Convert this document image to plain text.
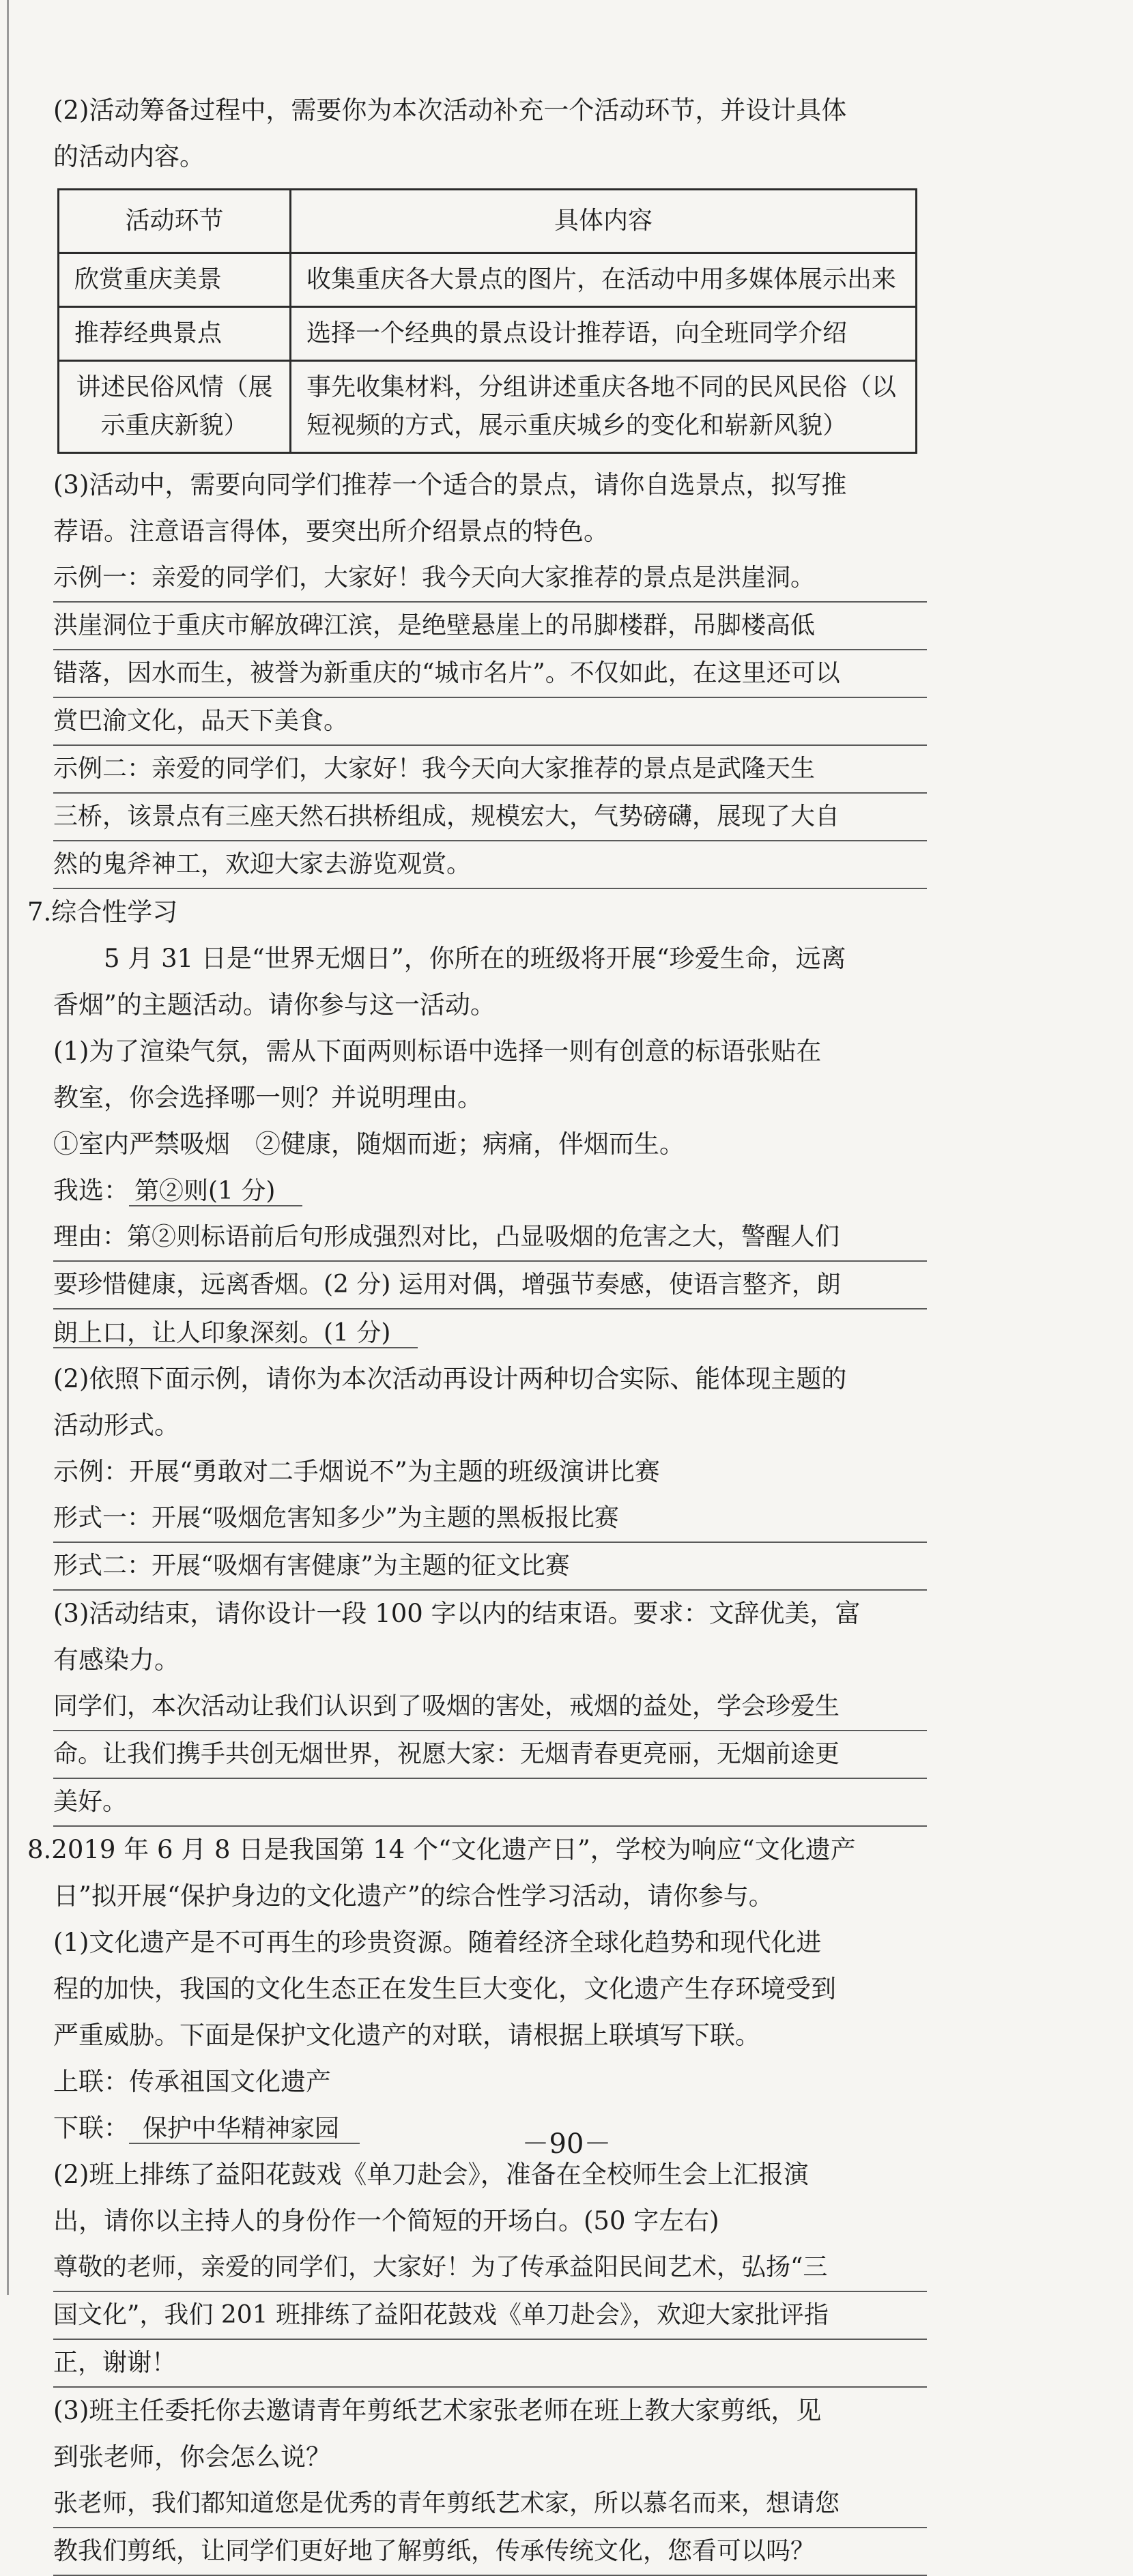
(2)活动筹备过程中，需要你为本次活动补充一个活动环节，并设计具体
的活动内容。
活动环节	具体内容
欣赏重庆美景	收集重庆各大景点的图片，在活动中用多媒体展示出来
推荐经典景点	选择一个经典的景点设计推荐语，向全班同学介绍
讲述民俗风情（展示重庆新貌）	事先收集材料，分组讲述重庆各地不同的民风民俗（以短视频的方式，展示重庆城乡的变化和崭新风貌）
(3)活动中，需要向同学们推荐一个适合的景点，请你自选景点，拟写推
荐语。注意语言得体，要突出所介绍景点的特色。
示例一：亲爱的同学们，大家好！我今天向大家推荐的景点是洪崖洞。
洪崖洞位于重庆市解放碑江滨，是绝壁悬崖上的吊脚楼群，吊脚楼高低
错落，因水而生，被誉为新重庆的“城市名片”。不仅如此，在这里还可以
赏巴渝文化，品天下美食。
示例二：亲爱的同学们，大家好！我今天向大家推荐的景点是武隆天生
三桥，该景点有三座天然石拱桥组成，规模宏大，气势磅礴，展现了大自
然的鬼斧神工，欢迎大家去游览观赏。
7.综合性学习
5 月 31 日是“世界无烟日”，你所在的班级将开展“珍爱生命，远离
香烟”的主题活动。请你参与这一活动。
(1)为了渲染气氛，需从下面两则标语中选择一则有创意的标语张贴在
教室，你会选择哪一则？并说明理由。
①室内严禁吸烟　②健康，随烟而逝；病痛，伴烟而生。
我选： 第②则(1 分)
理由：第②则标语前后句形成强烈对比，凸显吸烟的危害之大，警醒人们
要珍惜健康，远离香烟。(2 分) 运用对偶，增强节奏感，使语言整齐，朗
朗上口，让人印象深刻。(1 分)
(2)依照下面示例，请你为本次活动再设计两种切合实际、能体现主题的
活动形式。
示例：开展“勇敢对二手烟说不”为主题的班级演讲比赛
形式一：开展“吸烟危害知多少”为主题的黑板报比赛
形式二：开展“吸烟有害健康”为主题的征文比赛
(3)活动结束，请你设计一段 100 字以内的结束语。要求：文辞优美，富
有感染力。
同学们，本次活动让我们认识到了吸烟的害处，戒烟的益处，学会珍爱生
命。让我们携手共创无烟世界，祝愿大家：无烟青春更亮丽，无烟前途更
美好。
8.2019 年 6 月 8 日是我国第 14 个“文化遗产日”，学校为响应“文化遗产
日”拟开展“保护身边的文化遗产”的综合性学习活动，请你参与。
(1)文化遗产是不可再生的珍贵资源。随着经济全球化趋势和现代化进
程的加快，我国的文化生态正在发生巨大变化，文化遗产生存环境受到
严重威胁。下面是保护文化遗产的对联，请根据上联填写下联。
上联：传承祖国文化遗产
下联： 保护中华精神家园
(2)班上排练了益阳花鼓戏《单刀赴会》，准备在全校师生会上汇报演
出，请你以主持人的身份作一个简短的开场白。(50 字左右)
尊敬的老师，亲爱的同学们，大家好！为了传承益阳民间艺术，弘扬“三
国文化”，我们 201 班排练了益阳花鼓戏《单刀赴会》，欢迎大家批评指
正，谢谢！
(3)班主任委托你去邀请青年剪纸艺术家张老师在班上教大家剪纸，见
到张老师，你会怎么说？
张老师，我们都知道您是优秀的青年剪纸艺术家，所以慕名而来，想请您
教我们剪纸，让同学们更好地了解剪纸，传承传统文化，您看可以吗？
－90－
